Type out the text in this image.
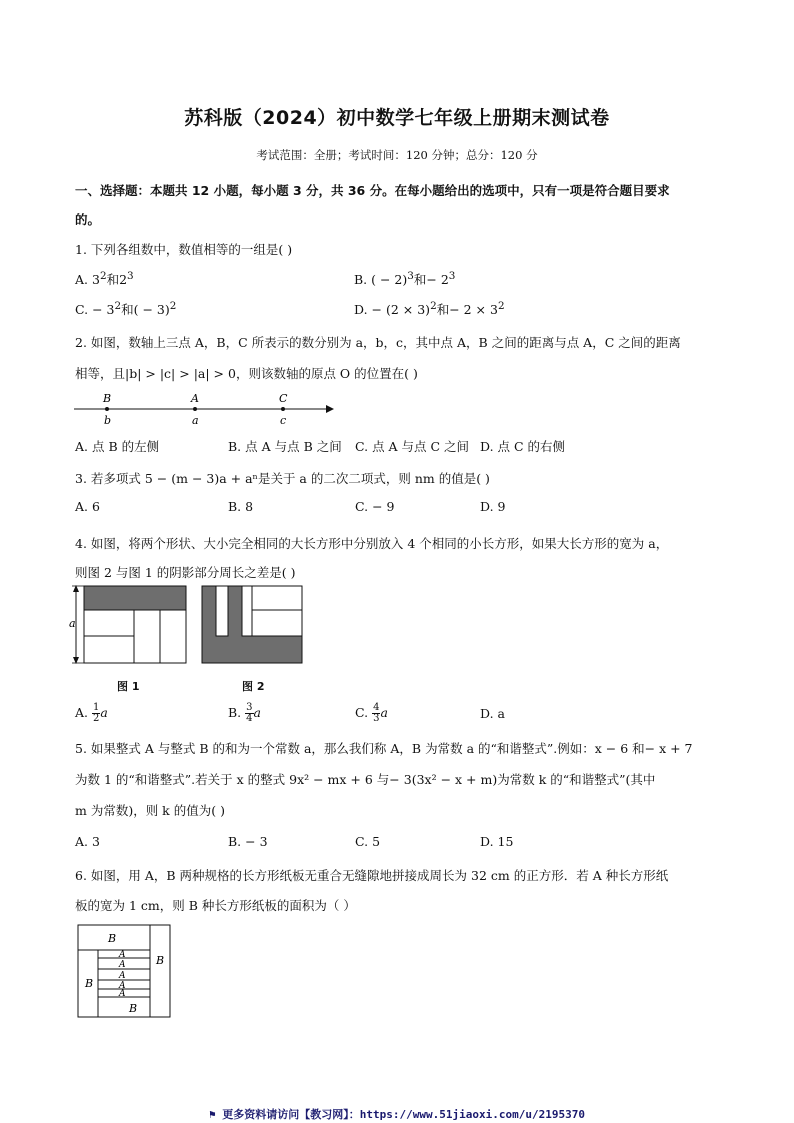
苏科版（2024）初中数学七年级上册期末测试卷
考试范围：全册；考试时间：120 分钟；总分：120 分
一、选择题：本题共 12 小题，每小题 3 分，共 36 分。在每小题给出的选项中，只有一项是符合题目要求
的。
1. 下列各组数中，数值相等的一组是( )
A. $3^2$和$2^3$	B. ( − 2)$^3$和− $2^3$
C. − $3^2$和( − 3)$^2$	D. − $(2 \times 3)^2$和− $2 \times 3^2$
2. 如图，数轴上三点 A，B，C 所表示的数分别为 a，b，c，其中点 A，B 之间的距离与点 A，C 之间的距离
相等，且|b| > |c| > |a| > 0，则该数轴的原点 O 的位置在( )
B	A	C
b	a	c
A. 点 B 的左侧	B. 点 A 与点 B 之间 C. 点 A 与点 C 之间 D. 点 C 的右侧
3. 若多项式 5 − (m − 3)a + aⁿ是关于 a 的二次二项式，则 nm 的值是( )
A. 6	B. 8	C. − 9	D. 9
4. 如图，将两个形状、大小完全相同的大长方形中分别放入 4 个相同的小长方形，如果大长方形的宽为 a，
则图 2 与图 1 的阴影部分周长之差是( )
a
图 1	图 2
A. $\frac{1}{2}$ a	B. $\frac{3}{4}$ a	C. $\frac{4}{3}$ a	D. a
5. 如果整式 A 与整式 B 的和为一个常数 a，那么我们称 A，B 为常数 a 的“和谐整式”.例如：x − 6 和− x + 7
为数 1 的“和谐整式”.若关于 x 的整式 9x² − mx + 6 与− 3(3x² − x + m)为常数 k 的“和谐整式”(其中
m 为常数)，则 k 的值为( )
A. 3	B. − 3	C. 5	D. 15
6. 如图，用 A，B 两种规格的长方形纸板无重合无缝隙地拼接成周长为 32 cm 的正方形．若 A 种长方形纸
板的宽为 1 cm，则 B 种长方形纸板的面积为（ ）
B
B
B
B
A
A
A
A
A
⚑ 更多资料请访问【教习网】：https://www.51jiaoxi.com/u/2195370
